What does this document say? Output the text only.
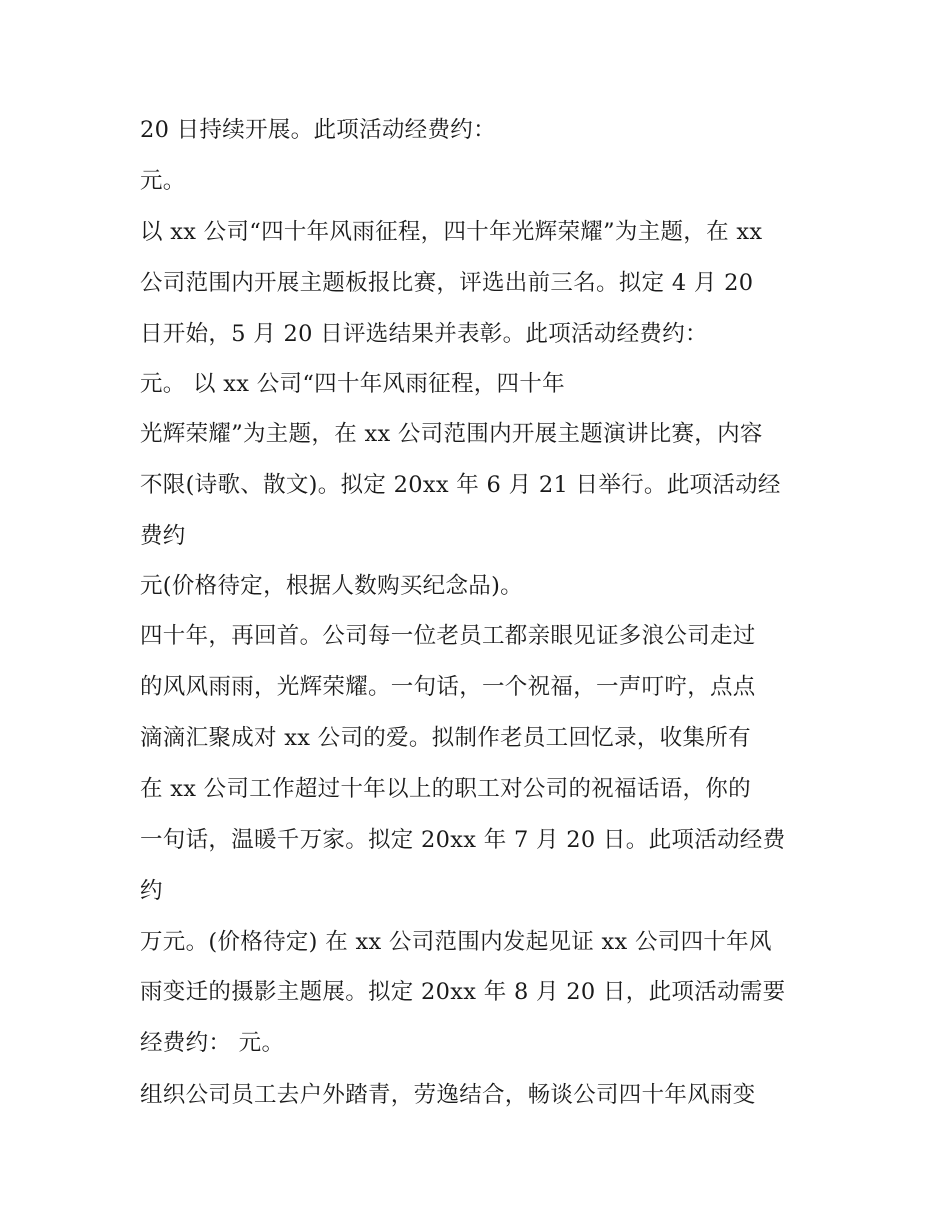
20 日持续开展。此项活动经费约：

元。

以 xx 公司“四十年风雨征程，四十年光辉荣耀”为主题，在 xx

公司范围内开展主题板报比赛，评选出前三名。拟定 4 月 20

日开始，5 月 20 日评选结果并表彰。此项活动经费约：

元。 以 xx 公司“四十年风雨征程，四十年

光辉荣耀”为主题，在 xx 公司范围内开展主题演讲比赛，内容

不限(诗歌、散文)。拟定 20xx 年 6 月 21 日举行。此项活动经

费约

元(价格待定，根据人数购买纪念品)。

四十年，再回首。公司每一位老员工都亲眼见证多浪公司走过

的风风雨雨，光辉荣耀。一句话，一个祝福，一声叮咛，点点

滴滴汇聚成对 xx 公司的爱。拟制作老员工回忆录，收集所有

在 xx 公司工作超过十年以上的职工对公司的祝福话语，你的

一句话，温暖千万家。拟定 20xx 年 7 月 20 日。此项活动经费

约

万元。(价格待定) 在 xx 公司范围内发起见证 xx 公司四十年风

雨变迁的摄影主题展。拟定 20xx 年 8 月 20 日，此项活动需要

经费约： 元。

组织公司员工去户外踏青，劳逸结合，畅谈公司四十年风雨变
